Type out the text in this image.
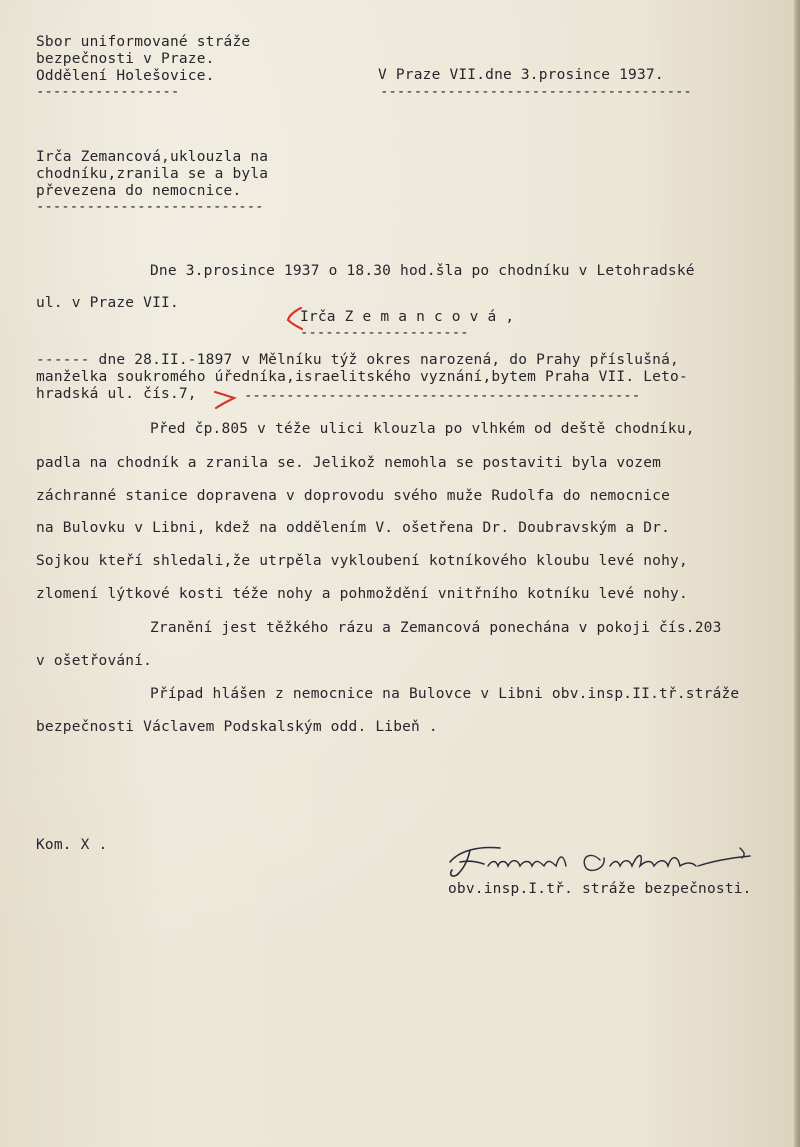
Sbor uniformované stráže
bezpečnosti v Praze.
Oddělení Holešovice.
-----------------
V Praze VII.dne 3.prosince 1937.
-------------------------------------
Irča Zemancová,uklouzla na
chodníku,zranila se a byla
převezena do nemocnice.
---------------------------
Dne 3.prosince 1937 o 18.30 hod.šla po chodníku v Letohradské
ul. v Praze VII.
Irča Z e m a n c o v á ,
--------------------
------ dne 28.II.-1897 v Mělníku týž okres narozená, do Prahy příslušná,
manželka soukromého úředníka,israelitského vyznání,bytem Praha VII. Leto-
hradská ul. čís.7,	-----------------------------------------------
Před čp.805 v téže ulici klouzla po vlhkém od deště chodníku,
padla na chodník a zranila se. Jelikož nemohla se postaviti byla vozem
záchranné stanice dopravena v doprovodu svého muže Rudolfa do nemocnice
na Bulovku v Libni, kdež na oddělením V. ošetřena Dr. Doubravským a Dr.
Sojkou kteří shledali,že utrpěla vykloubení kotníkového kloubu levé nohy,
zlomení lýtkové kosti téže nohy a pohmoždění vnitřního kotníku levé nohy.
Zranění jest těžkého rázu a Zemancová ponechána v pokoji čís.203
v ošetřování.
Případ hlášen z nemocnice na Bulovce v Libni obv.insp.II.tř.stráže
bezpečnosti Václavem Podskalským odd. Libeň .
Kom. X .
obv.insp.I.tř. stráže bezpečnosti.
